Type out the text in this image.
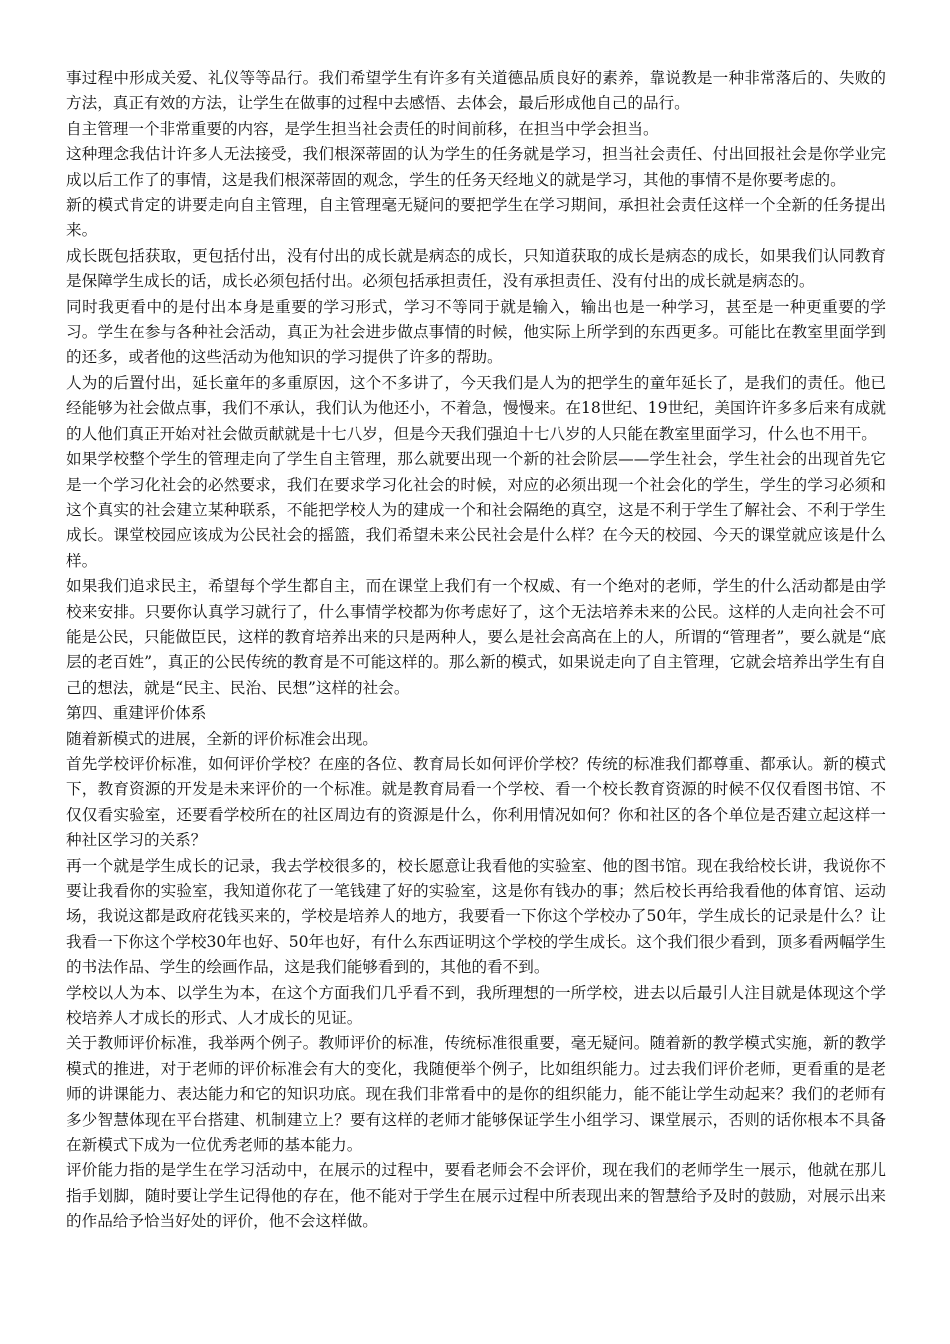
事过程中形成关爱、礼仪等等品行。我们希望学生有许多有关道德品质良好的素养，靠说教是一种非常落后的、失败的方法，真正有效的方法，让学生在做事的过程中去感悟、去体会，最后形成他自己的品行。

自主管理一个非常重要的内容，是学生担当社会责任的时间前移，在担当中学会担当。

这种理念我估计许多人无法接受，我们根深蒂固的认为学生的任务就是学习，担当社会责任、付出回报社会是你学业完成以后工作了的事情，这是我们根深蒂固的观念，学生的任务天经地义的就是学习，其他的事情不是你要考虑的。

新的模式肯定的讲要走向自主管理，自主管理毫无疑问的要把学生在学习期间，承担社会责任这样一个全新的任务提出来。

成长既包括获取，更包括付出，没有付出的成长就是病态的成长，只知道获取的成长是病态的成长，如果我们认同教育是保障学生成长的话，成长必须包括付出。必须包括承担责任，没有承担责任、没有付出的成长就是病态的。

同时我更看中的是付出本身是重要的学习形式，学习不等同于就是输入，输出也是一种学习，甚至是一种更重要的学习。学生在参与各种社会活动，真正为社会进步做点事情的时候，他实际上所学到的东西更多。可能比在教室里面学到的还多，或者他的这些活动为他知识的学习提供了许多的帮助。

人为的后置付出，延长童年的多重原因，这个不多讲了，今天我们是人为的把学生的童年延长了，是我们的责任。他已经能够为社会做点事，我们不承认，我们认为他还小，不着急，慢慢来。在18世纪、19世纪，美国许许多多后来有成就的人他们真正开始对社会做贡献就是十七八岁，但是今天我们强迫十七八岁的人只能在教室里面学习，什么也不用干。

如果学校整个学生的管理走向了学生自主管理，那么就要出现一个新的社会阶层——学生社会，学生社会的出现首先它是一个学习化社会的必然要求，我们在要求学习化社会的时候，对应的必须出现一个社会化的学生，学生的学习必须和这个真实的社会建立某种联系，不能把学校人为的建成一个和社会隔绝的真空，这是不利于学生了解社会、不利于学生成长。课堂校园应该成为公民社会的摇篮，我们希望未来公民社会是什么样？在今天的校园、今天的课堂就应该是什么样。

如果我们追求民主，希望每个学生都自主，而在课堂上我们有一个权威、有一个绝对的老师，学生的什么活动都是由学校来安排。只要你认真学习就行了，什么事情学校都为你考虑好了，这个无法培养未来的公民。这样的人走向社会不可能是公民，只能做臣民，这样的教育培养出来的只是两种人，要么是社会高高在上的人，所谓的“管理者”，要么就是“底层的老百姓”，真正的公民传统的教育是不可能这样的。那么新的模式，如果说走向了自主管理，它就会培养出学生有自己的想法，就是“民主、民治、民想”这样的社会。

第四、重建评价体系

随着新模式的进展，全新的评价标准会出现。

首先学校评价标准，如何评价学校？在座的各位、教育局长如何评价学校？传统的标准我们都尊重、都承认。新的模式下，教育资源的开发是未来评价的一个标准。就是教育局看一个学校、看一个校长教育资源的时候不仅仅看图书馆、不仅仅看实验室，还要看学校所在的社区周边有的资源是什么，你利用情况如何？你和社区的各个单位是否建立起这样一种社区学习的关系？

再一个就是学生成长的记录，我去学校很多的，校长愿意让我看他的实验室、他的图书馆。现在我给校长讲，我说你不要让我看你的实验室，我知道你花了一笔钱建了好的实验室，这是你有钱办的事；然后校长再给我看他的体育馆、运动场，我说这都是政府花钱买来的，学校是培养人的地方，我要看一下你这个学校办了50年，学生成长的记录是什么？让我看一下你这个学校30年也好、50年也好，有什么东西证明这个学校的学生成长。这个我们很少看到，顶多看两幅学生的书法作品、学生的绘画作品，这是我们能够看到的，其他的看不到。

学校以人为本、以学生为本，在这个方面我们几乎看不到，我所理想的一所学校，进去以后最引人注目就是体现这个学校培养人才成长的形式、人才成长的见证。

关于教师评价标准，我举两个例子。教师评价的标准，传统标准很重要，毫无疑问。随着新的教学模式实施，新的教学模式的推进，对于老师的评价标准会有大的变化，我随便举个例子，比如组织能力。过去我们评价老师，更看重的是老师的讲课能力、表达能力和它的知识功底。现在我们非常看中的是你的组织能力，能不能让学生动起来？我们的老师有多少智慧体现在平台搭建、机制建立上？要有这样的老师才能够保证学生小组学习、课堂展示，否则的话你根本不具备在新模式下成为一位优秀老师的基本能力。

评价能力指的是学生在学习活动中，在展示的过程中，要看老师会不会评价，现在我们的老师学生一展示，他就在那儿指手划脚，随时要让学生记得他的存在，他不能对于学生在展示过程中所表现出来的智慧给予及时的鼓励，对展示出来的作品给予恰当好处的评价，他不会这样做。
